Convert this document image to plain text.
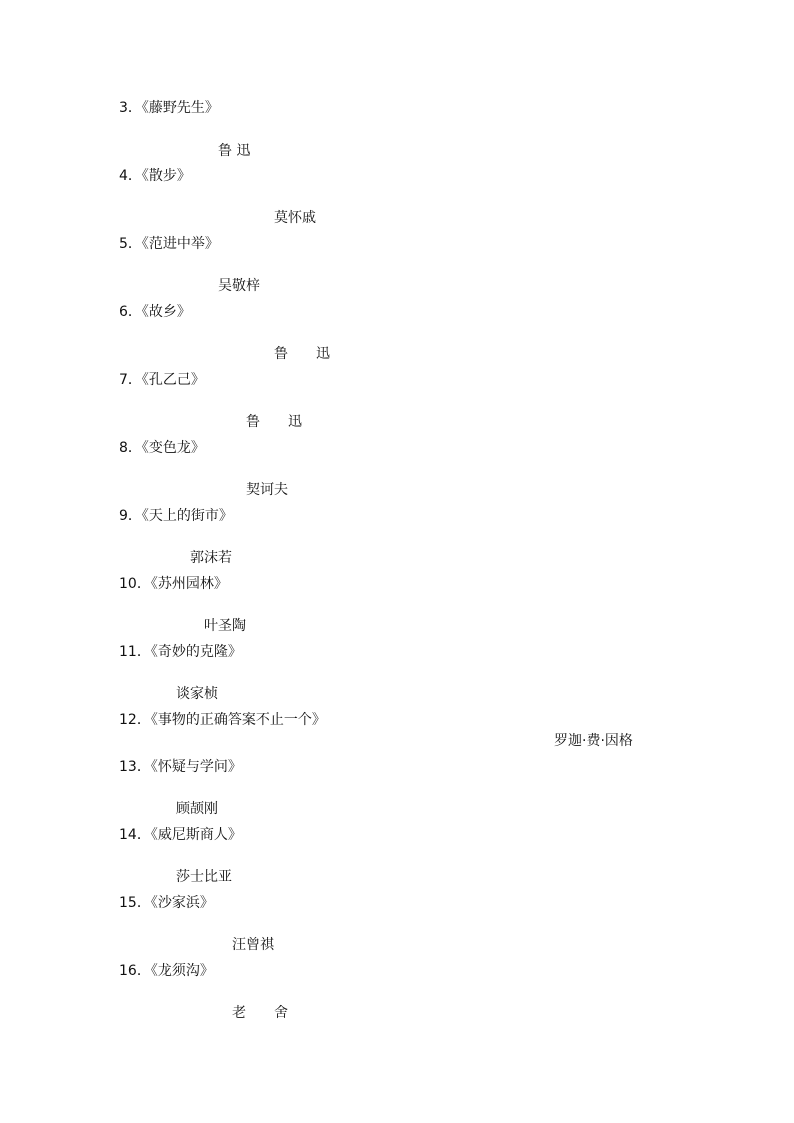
3．《藤野先生》
鲁 迅
4．《散步》
莫怀戚
5．《范进中举》
吴敬梓
6．《故乡》
鲁　　迅
7．《孔乙己》
鲁　　迅
8．《变色龙》
契诃夫
9．《天上的街市》
郭沫若
10．《苏州园林》
叶圣陶
11．《奇妙的克隆》
谈家桢
12．《事物的正确答案不止一个》
罗迦·费·因格
13．《怀疑与学问》
顾颉刚
14．《威尼斯商人》
莎士比亚
15．《沙家浜》
汪曾祺
16．《龙须沟》
老　　舍
